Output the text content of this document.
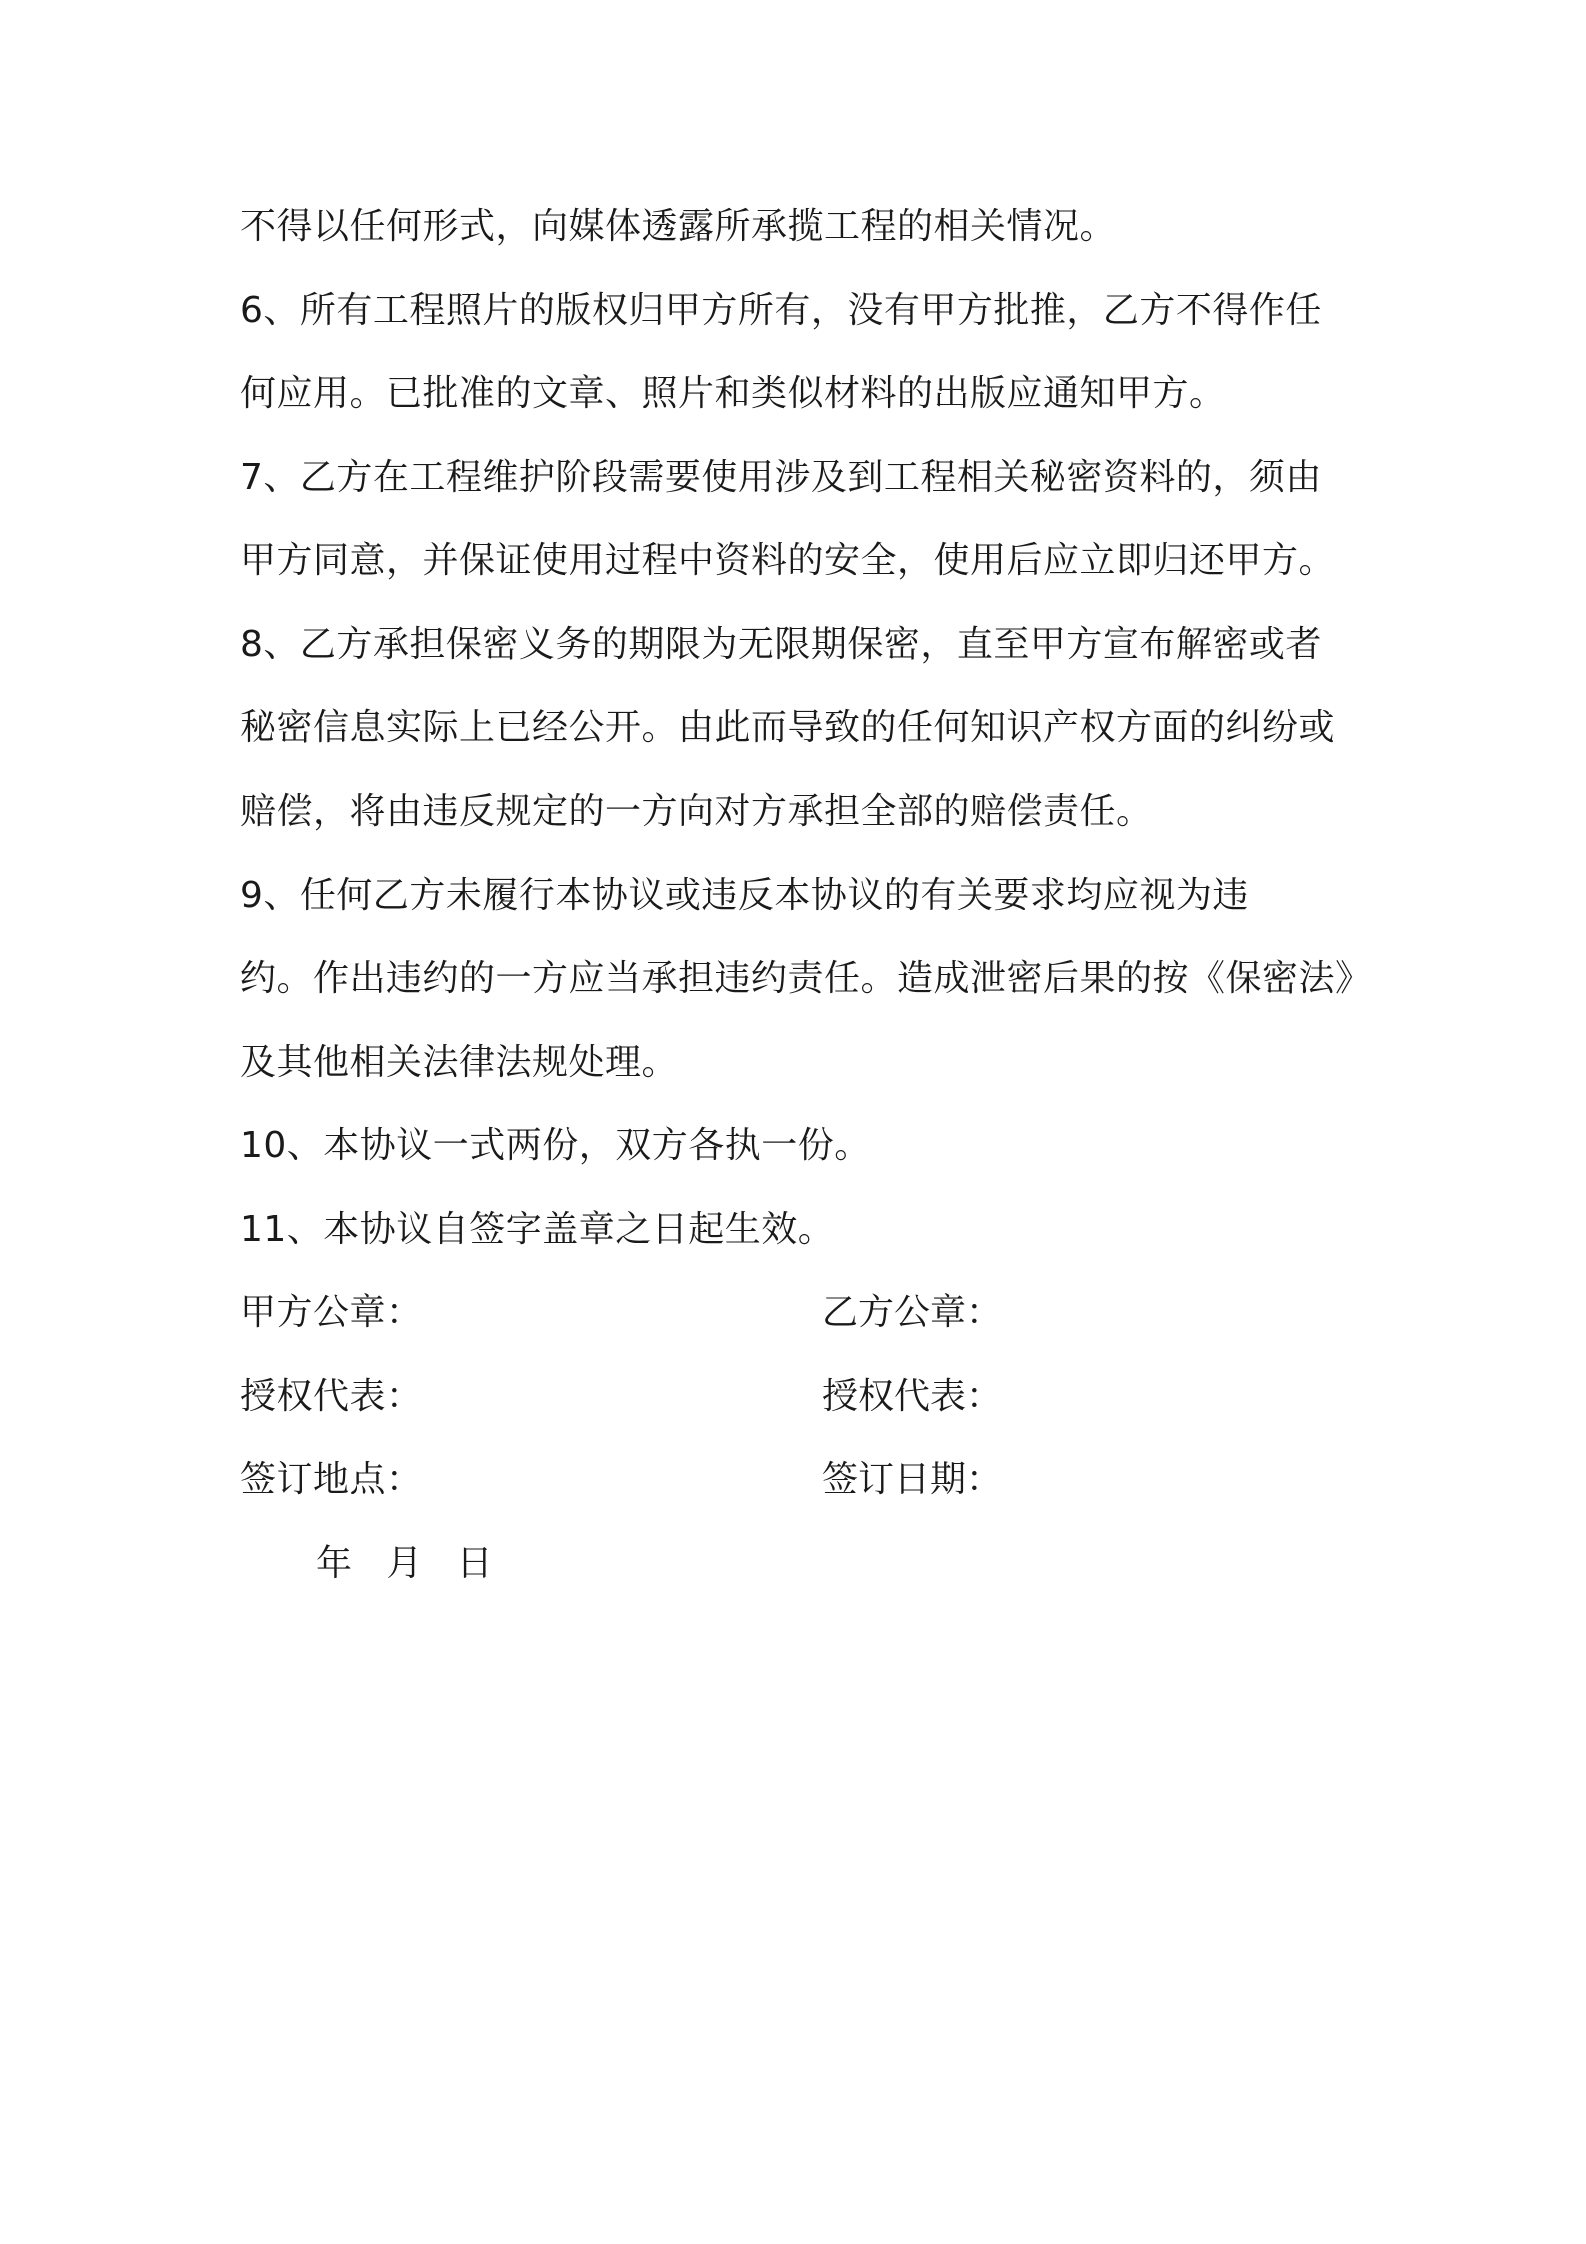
不得以任何形式，向媒体透露所承揽工程的相关情况。
6、所有工程照片的版权归甲方所有，没有甲方批推，乙方不得作任
何应用。已批准的文章、照片和类似材料的出版应通知甲方。
7、乙方在工程维护阶段需要使用涉及到工程相关秘密资料的，须由
甲方同意，并保证使用过程中资料的安全，使用后应立即归还甲方。
8、乙方承担保密义务的期限为无限期保密，直至甲方宣布解密或者
秘密信息实际上已经公开。由此而导致的任何知识产权方面的纠纷或
赔偿，将由违反规定的一方向对方承担全部的赔偿责任。
9、任何乙方未履行本协议或违反本协议的有关要求均应视为违
约。作出违约的一方应当承担违约责任。造成泄密后果的按《保密法》
及其他相关法律法规处理。
10、本协议一式两份，双方各执一份。
11、本协议自签字盖章之日起生效。
甲方公章：	乙方公章：
授权代表：	授权代表：
签订地点：	签订日期：
年   月   日
